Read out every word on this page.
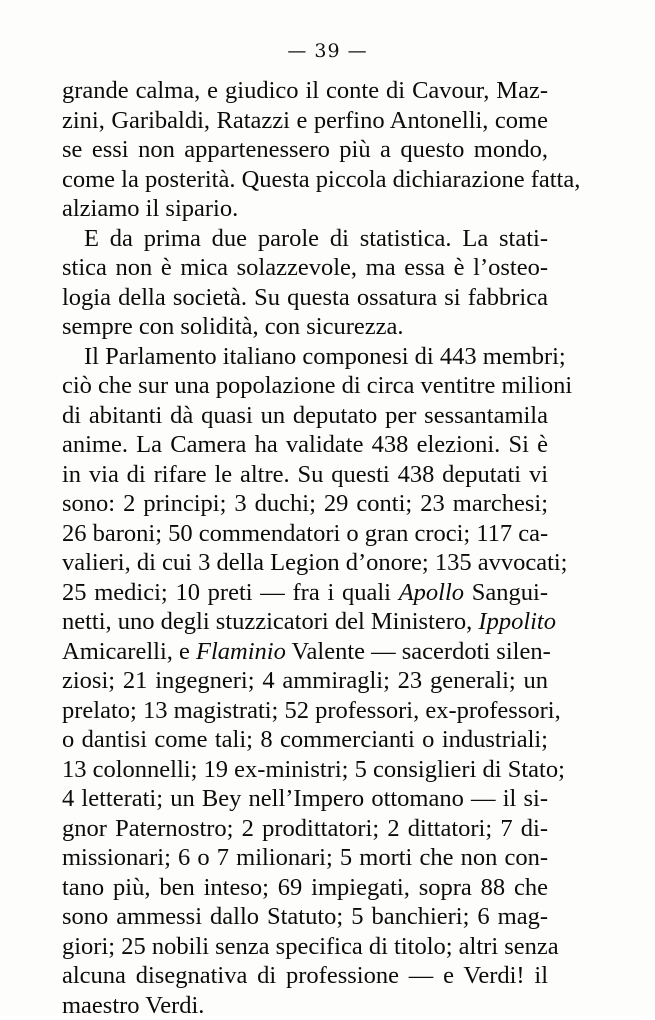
— 39 —
grande calma, e giudico il conte di Cavour, Maz-
zini, Garibaldi, Ratazzi e perfino Antonelli, come
se essi non appartenessero più a questo mondo,
come la posterità. Questa piccola dichiarazione fatta,
alziamo il sipario.
E da prima due parole di statistica. La stati-
stica non è mica solazzevole, ma essa è l’osteo-
logia della società. Su questa ossatura si fabbrica
sempre con solidità, con sicurezza.
Il Parlamento italiano componesi di 443 membri;
ciò che sur una popolazione di circa ventitre milioni
di abitanti dà quasi un deputato per sessantamila
anime. La Camera ha validate 438 elezioni. Si è
in via di rifare le altre. Su questi 438 deputati vi
sono: 2 principi; 3 duchi; 29 conti; 23 marchesi;
26 baroni; 50 commendatori o gran croci; 117 ca-
valieri, di cui 3 della Legion d’onore; 135 avvocati;
25 medici; 10 preti — fra i quali Apollo Sangui-
netti, uno degli stuzzicatori del Ministero, Ippolito
Amicarelli, e Flaminio Valente — sacerdoti silen-
ziosi; 21 ingegneri; 4 ammiragli; 23 generali; un
prelato; 13 magistrati; 52 professori, ex-professori,
o dantisi come tali; 8 commercianti o industriali;
13 colonnelli; 19 ex-ministri; 5 consiglieri di Stato;
4 letterati; un Bey nell’Impero ottomano — il si-
gnor Paternostro; 2 prodittatori; 2 dittatori; 7 di-
missionari; 6 o 7 milionari; 5 morti che non con-
tano più, ben inteso; 69 impiegati, sopra 88 che
sono ammessi dallo Statuto; 5 banchieri; 6 mag-
giori; 25 nobili senza specifica di titolo; altri senza
alcuna disegnativa di professione — e Verdi! il
maestro Verdi.
